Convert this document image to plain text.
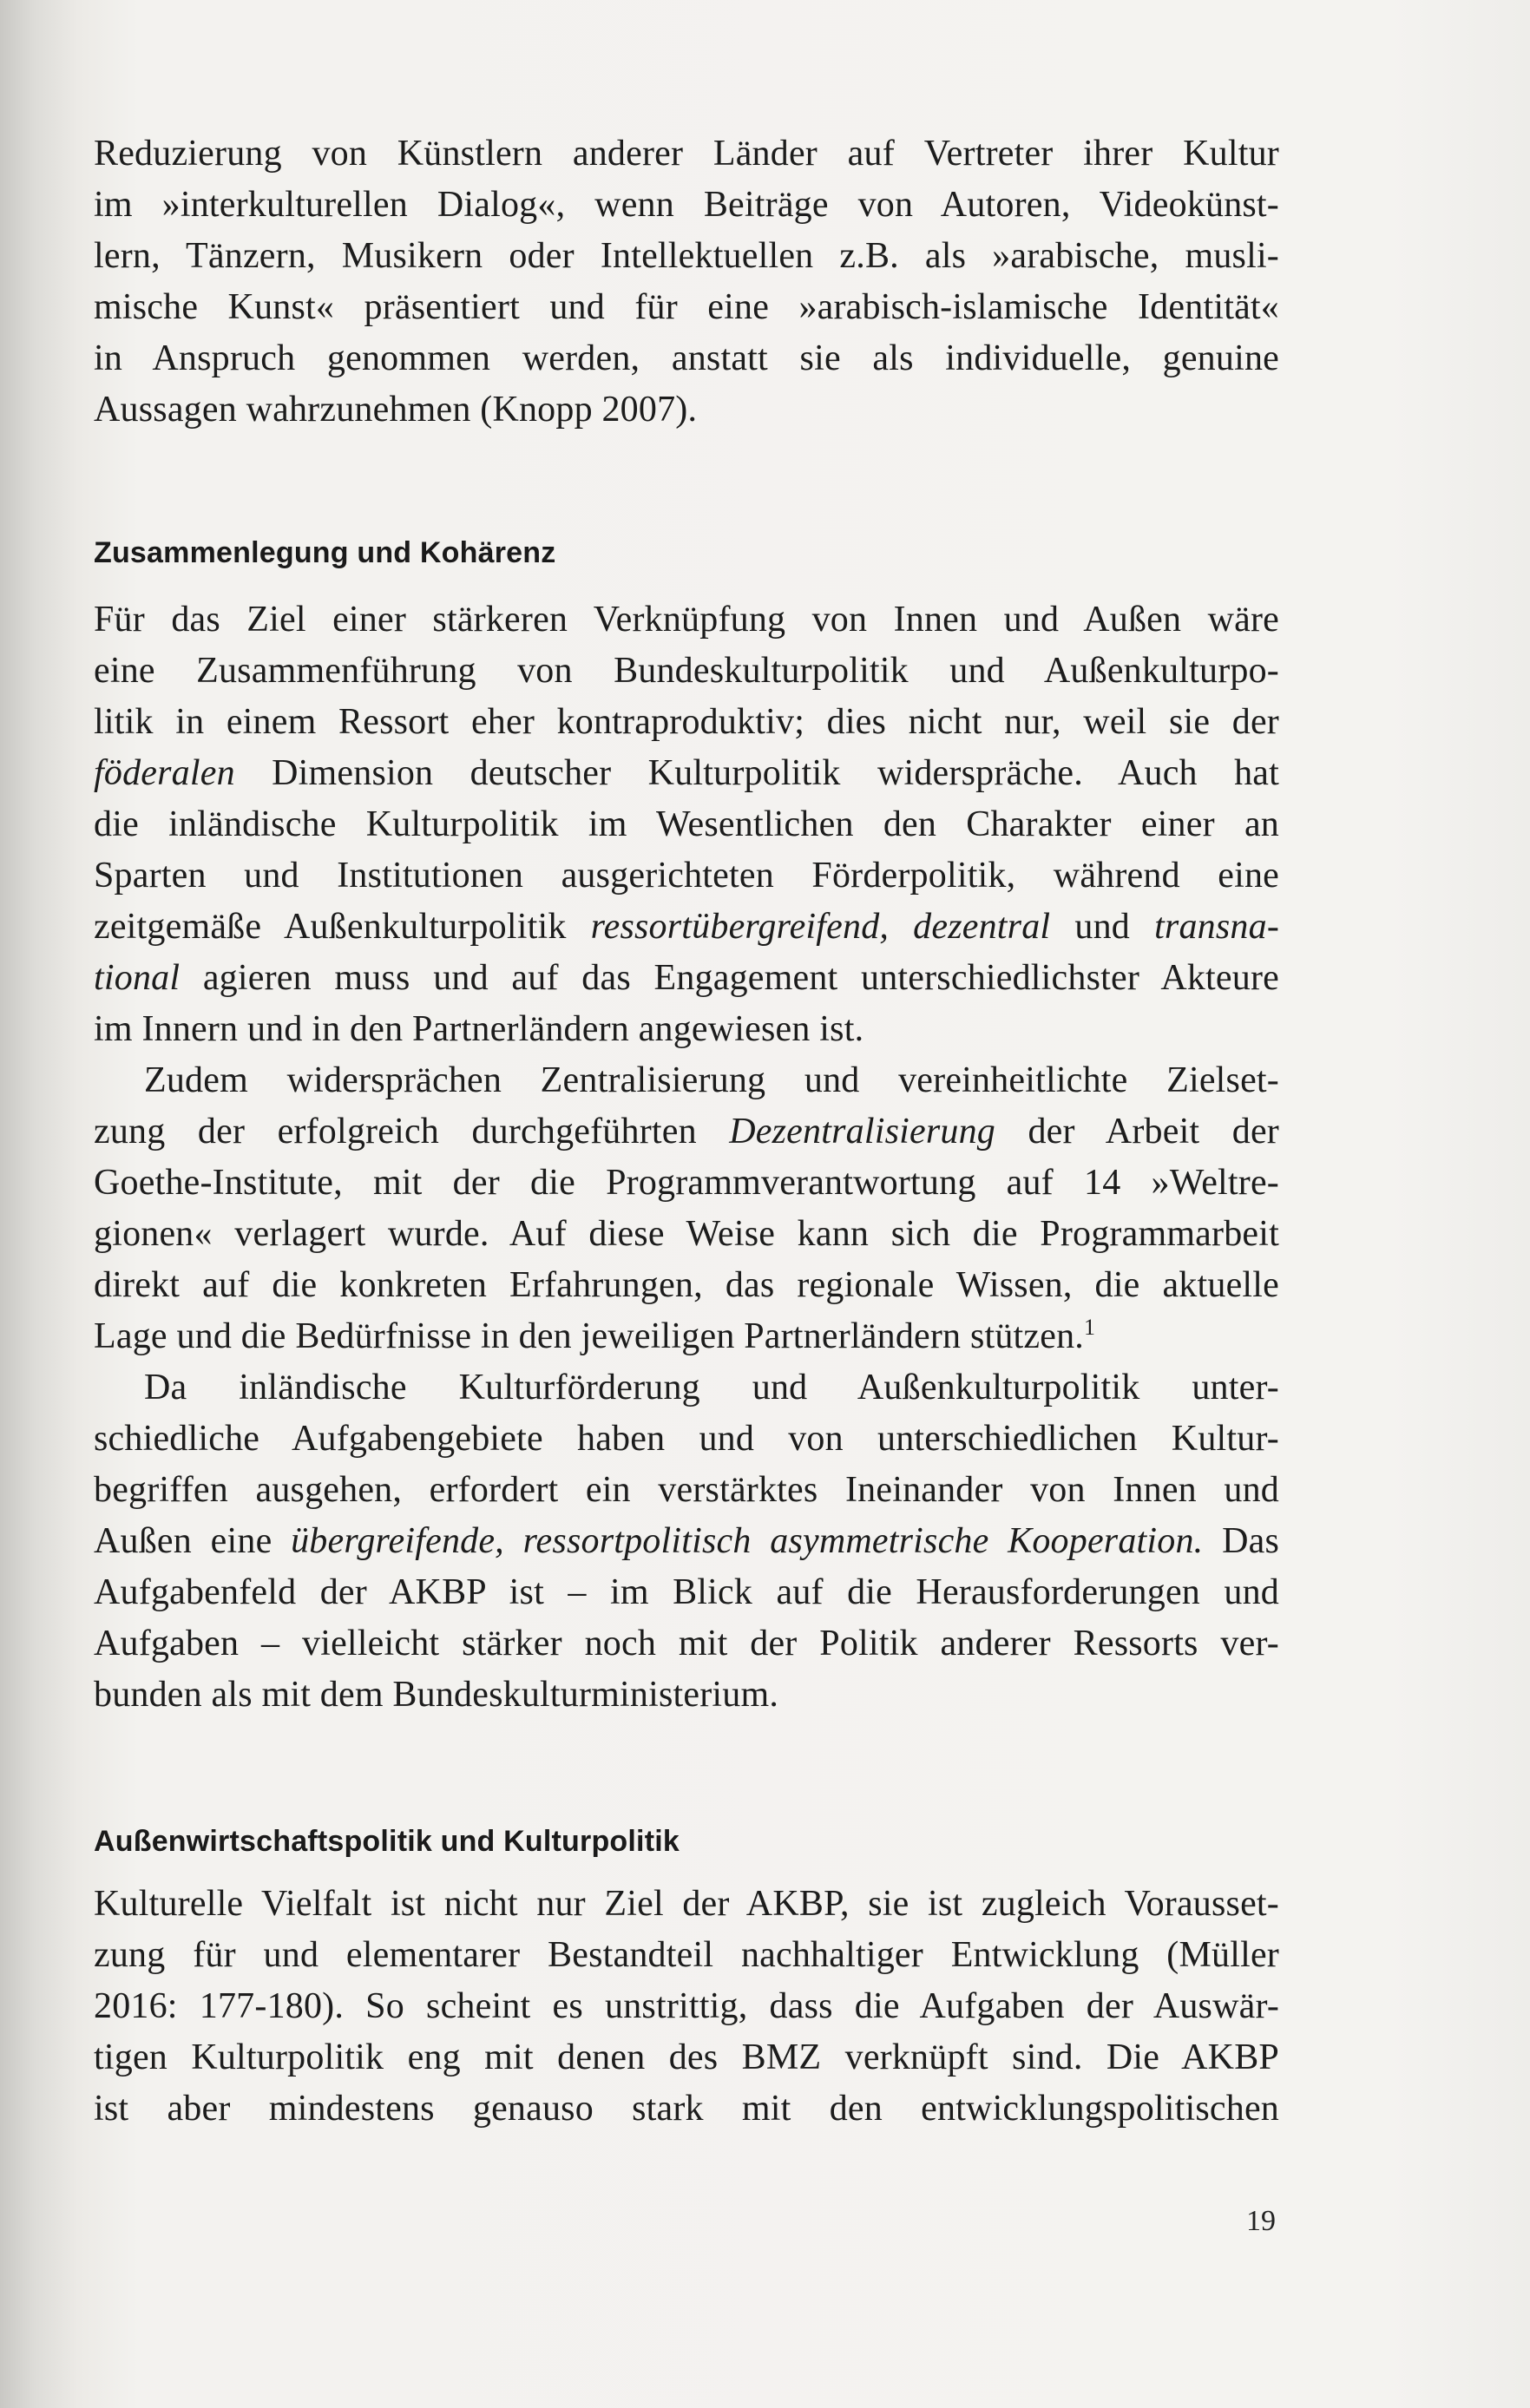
Reduzierung von Künstlern anderer Länder auf Vertreter ihrer Kultur
im »interkulturellen Dialog«, wenn Beiträge von Autoren, Videokünst-
lern, Tänzern, Musikern oder Intellektuellen z.B. als »arabische, musli-
mische Kunst« präsentiert und für eine »arabisch-islamische Identität«
in Anspruch genommen werden, anstatt sie als individuelle, genuine
Aussagen wahrzunehmen (Knopp 2007).

Zusammenlegung und Kohärenz

Für das Ziel einer stärkeren Verknüpfung von Innen und Außen wäre
eine Zusammenführung von Bundeskulturpolitik und Außenkulturpo-
litik in einem Ressort eher kontraproduktiv; dies nicht nur, weil sie der
föderalen Dimension deutscher Kulturpolitik widerspräche. Auch hat
die inländische Kulturpolitik im Wesentlichen den Charakter einer an
Sparten und Institutionen ausgerichteten Förderpolitik, während eine
zeitgemäße Außenkulturpolitik ressortübergreifend, dezentral und transna-
tional agieren muss und auf das Engagement unterschiedlichster Akteure
im Innern und in den Partnerländern angewiesen ist.

Zudem widersprächen Zentralisierung und vereinheitlichte Zielset-
zung der erfolgreich durchgeführten Dezentralisierung der Arbeit der
Goethe-Institute, mit der die Programmverantwortung auf 14 »Weltre-
gionen« verlagert wurde. Auf diese Weise kann sich die Programmarbeit
direkt auf die konkreten Erfahrungen, das regionale Wissen, die aktuelle
Lage und die Bedürfnisse in den jeweiligen Partnerländern stützen.$^1$

Da inländische Kulturförderung und Außenkulturpolitik unter-
schiedliche Aufgabengebiete haben und von unterschiedlichen Kultur-
begriffen ausgehen, erfordert ein verstärktes Ineinander von Innen und
Außen eine übergreifende, ressortpolitisch asymmetrische Kooperation. Das
Aufgabenfeld der AKBP ist – im Blick auf die Herausforderungen und
Aufgaben – vielleicht stärker noch mit der Politik anderer Ressorts ver-
bunden als mit dem Bundeskulturministerium.

Außenwirtschaftspolitik und Kulturpolitik

Kulturelle Vielfalt ist nicht nur Ziel der AKBP, sie ist zugleich Vorausset-
zung für und elementarer Bestandteil nachhaltiger Entwicklung (Müller
2016: 177-180). So scheint es unstrittig, dass die Aufgaben der Auswär-
tigen Kulturpolitik eng mit denen des BMZ verknüpft sind. Die AKBP
ist aber mindestens genauso stark mit den entwicklungspolitischen

19
